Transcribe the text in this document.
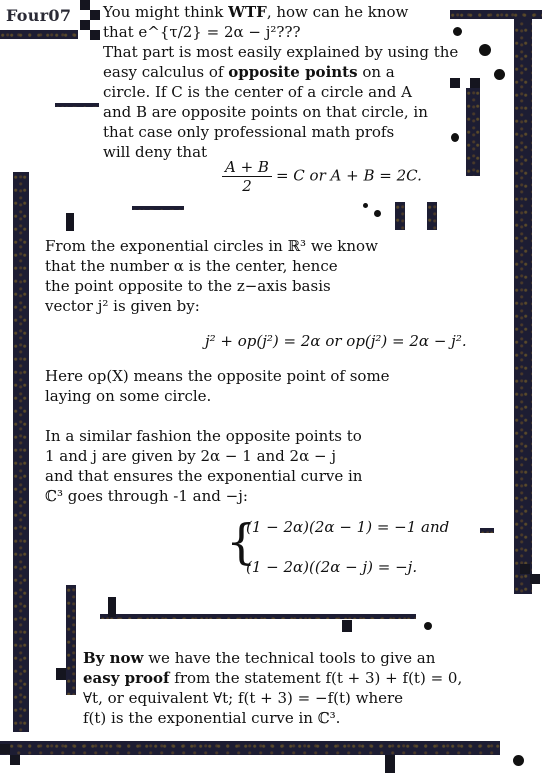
Four07 You might think WTF, how can he know

that e^{τ/2} = 2α − j²???

That part is most easily explained by using the

easy calculus of opposite points on a

circle. If C is the center of a circle and A

and B are opposite points on that circle, in

that case only professional math profs

will deny that

$\frac{A + B}{2} = C$ or A + B = 2C.

From the exponential circles in ℝ³ we know

that the number α is the center, hence

the point opposite to the z−axis basis

vector j² is given by:

j² + op(j²) = 2α or op(j²) = 2α − j².

Here op(X) means the opposite point of some

laying on some circle.

In a similar fashion the opposite points to

1 and j are given by 2α − 1 and 2α − j

and that ensures the exponential curve in

ℂ³ goes through -1 and −j:

{
(1 − 2α)(2α − 1) = −1 and
(1 − 2α)((2α − j) = −j.

By now we have the technical tools to give an

easy proof from the statement f(t + 3) + f(t) = 0,

∀t, or equivalent ∀t; f(t + 3) = −f(t) where

f(t) is the exponential curve in ℂ³.
